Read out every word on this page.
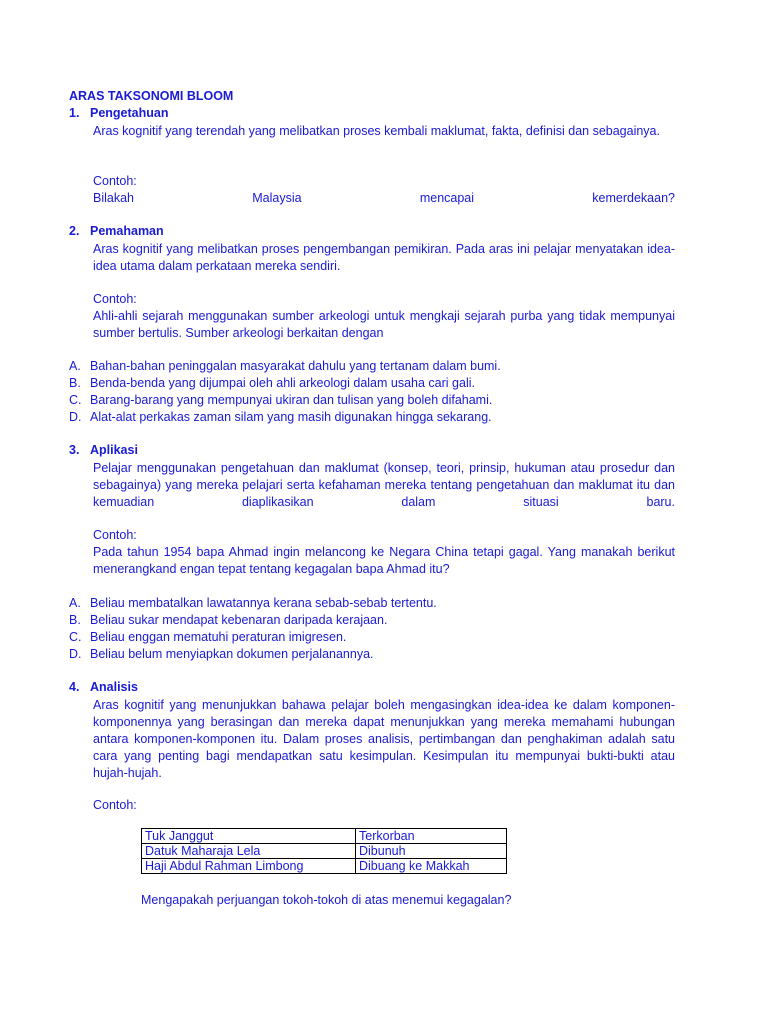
ARAS TAKSONOMI BLOOM
1. Pengetahuan
Aras kognitif yang terendah yang melibatkan proses kembali maklumat, fakta, definisi dan sebagainya.
Contoh:
Bilakah Malaysia mencapai kemerdekaan?
2. Pemahaman
Aras kognitif yang melibatkan proses pengembangan pemikiran. Pada aras ini pelajar menyatakan idea-idea utama dalam perkataan mereka sendiri.
Contoh:
Ahli-ahli sejarah menggunakan sumber arkeologi untuk mengkaji sejarah purba yang tidak mempunyai sumber bertulis. Sumber arkeologi berkaitan dengan
A. Bahan-bahan peninggalan masyarakat dahulu yang tertanam dalam bumi.
B. Benda-benda yang dijumpai oleh ahli arkeologi dalam usaha cari gali.
C. Barang-barang yang mempunyai ukiran dan tulisan yang boleh difahami.
D. Alat-alat perkakas zaman silam yang masih digunakan hingga sekarang.
3. Aplikasi
Pelajar menggunakan pengetahuan dan maklumat (konsep, teori, prinsip, hukuman atau prosedur dan sebagainya) yang mereka pelajari serta kefahaman mereka tentang pengetahuan dan maklumat itu dan kemuadian diaplikasikan dalam situasi baru.
Contoh:
Pada tahun 1954 bapa Ahmad ingin melancong ke Negara China tetapi gagal. Yang manakah berikut menerangkand engan tepat tentang kegagalan bapa Ahmad itu?
A. Beliau membatalkan lawatannya kerana sebab-sebab tertentu.
B. Beliau sukar mendapat kebenaran daripada kerajaan.
C. Beliau enggan mematuhi peraturan imigresen.
D. Beliau belum menyiapkan dokumen perjalanannya.
4. Analisis
Aras kognitif yang menunjukkan bahawa pelajar boleh mengasingkan idea-idea ke dalam komponen-komponennya yang berasingan dan mereka dapat menunjukkan yang mereka memahami hubungan antara komponen-komponen itu. Dalam proses analisis, pertimbangan dan penghakiman adalah satu cara yang penting bagi mendapatkan satu kesimpulan. Kesimpulan itu mempunyai bukti-bukti atau hujah-hujah.
Contoh:
Tuk Janggut	Terkorban
Datuk Maharaja Lela	Dibunuh
Haji Abdul Rahman Limbong	Dibuang ke Makkah
Mengapakah perjuangan tokoh-tokoh di atas menemui kegagalan?
